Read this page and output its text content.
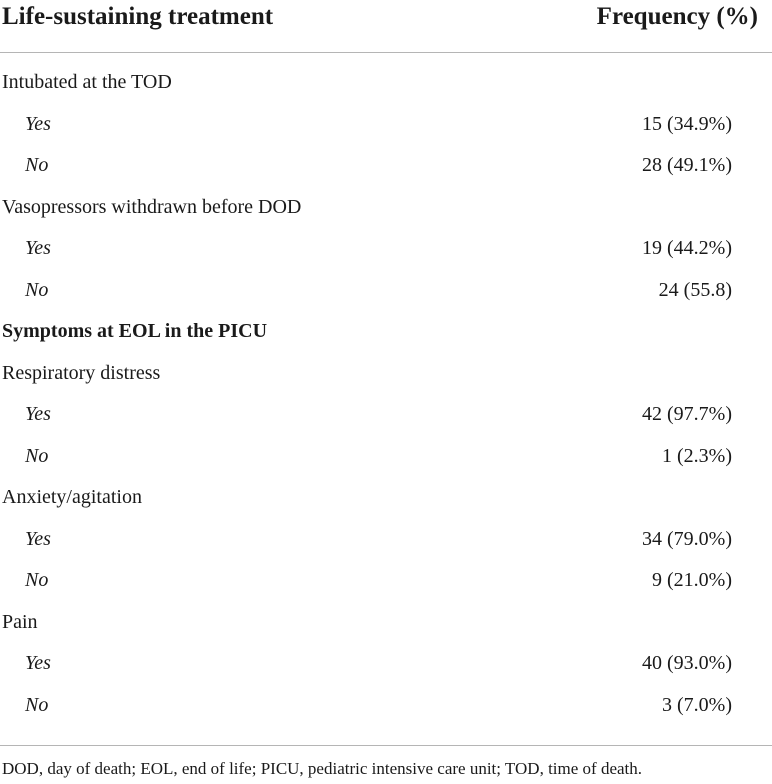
Life-sustaining treatment	Frequency (%)
Intubated at the TOD
Yes	15 (34.9%)
No	28 (49.1%)
Vasopressors withdrawn before DOD
Yes	19 (44.2%)
No	24 (55.8)
Symptoms at EOL in the PICU
Respiratory distress
Yes	42 (97.7%)
No	1 (2.3%)
Anxiety/agitation
Yes	34 (79.0%)
No	9 (21.0%)
Pain
Yes	40 (93.0%)
No	3 (7.0%)
DOD, day of death; EOL, end of life; PICU, pediatric intensive care unit; TOD, time of death.
